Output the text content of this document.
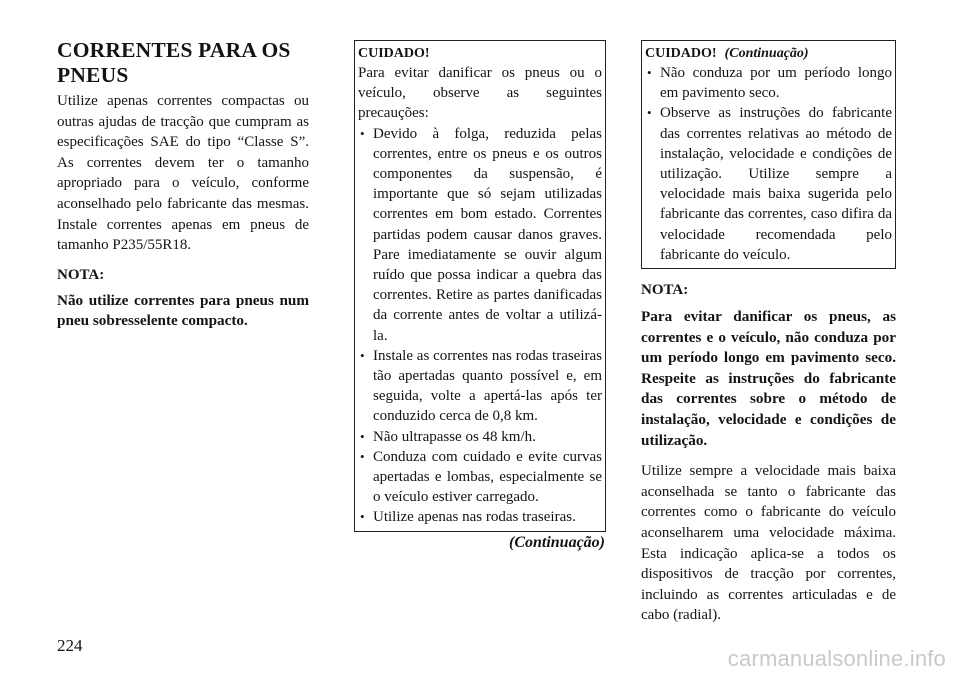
CORRENTES PARA OS PNEUS

Utilize apenas correntes compactas ou outras ajudas de tracção que cumpram as especificações SAE do tipo “Classe S”. As correntes devem ter o tamanho apropriado para o veículo, conforme aconselhado pelo fabricante das mesmas. Instale correntes apenas em pneus de tamanho P235/55R18.

NOTA:

Não utilize correntes para pneus num pneu sobresselente compacto.

CUIDADO!

Para evitar danificar os pneus ou o veículo, observe as seguintes precauções:

• Devido à folga, reduzida pelas correntes, entre os pneus e os outros componentes da suspensão, é importante que só sejam utilizadas correntes em bom estado. Correntes partidas podem causar danos graves. Pare imediatamente se ouvir algum ruído que possa indicar a quebra das correntes. Retire as partes danificadas da corrente antes de voltar a utilizá-la.
• Instale as correntes nas rodas traseiras tão apertadas quanto possível e, em seguida, volte a apertá-las após ter conduzido cerca de 0,8 km.
• Não ultrapasse os 48 km/h.
• Conduza com cuidado e evite curvas apertadas e lombas, especialmente se o veículo estiver carregado.
• Utilize apenas nas rodas traseiras.
(Continuação)
CUIDADO! (Continuação)
• Não conduza por um período longo em pavimento seco.
• Observe as instruções do fabricante das correntes relativas ao método de instalação, velocidade e condições de utilização. Utilize sempre a velocidade mais baixa sugerida pelo fabricante das correntes, caso difira da velocidade recomendada pelo fabricante do veículo.

NOTA:

Para evitar danificar os pneus, as correntes e o veículo, não conduza por um período longo em pavimento seco. Respeite as instruções do fabricante das correntes sobre o método de instalação, velocidade e condições de utilização.

Utilize sempre a velocidade mais baixa aconselhada se tanto o fabricante das correntes como o fabricante do veículo aconselharem uma velocidade máxima. Esta indicação aplica-se a todos os dispositivos de tracção por correntes, incluindo as correntes articuladas e de cabo (radial).

224
carmanualsonline.info
